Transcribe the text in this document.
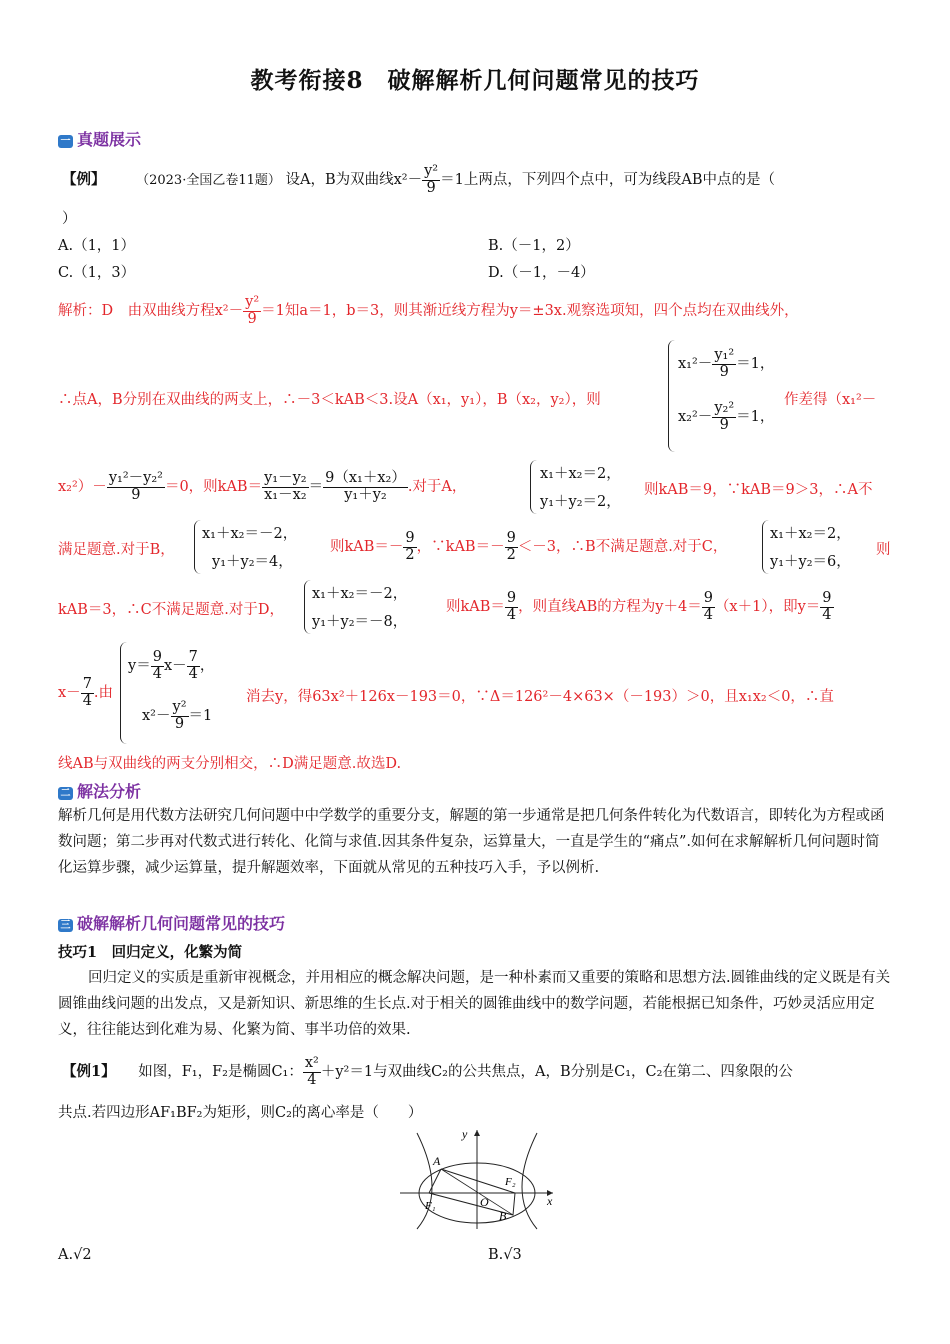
教考衔接8　破解解析几何问题常见的技巧
一 真题展示
【例】 （2023·全国乙卷11题） 设A，B为双曲线$x^2- \frac{\text{y²}}{9} =1$上两点，下列四个点中，可为线段AB中点的是（
）
A.（1，1）	B.（－1，2）
C.（1，3）	D.（－1，－4）
解析：D　由双曲线方程$x^2- \frac{\text{y²}}{9} =1$知a＝1，b＝3，则其渐近线方程为y＝±3x.观察选项知，四个点均在双曲线外，
∴点A，B分别在双曲线的两支上，∴－3＜kAB＜3.设A（x₁，y₁），B（x₂，y₂），则
$x_1^2- \frac{\text{y₁²}}{9} =1$，
$x_2^2- \frac{\text{y₂²}}{9} =1$，
作差得（x₁²－
$x_2^2)- \frac{\text{y₁²－y₂²}}{9} =0$，则$kAB= \frac{\text{y₁－y₂}}{\text{x₁－x₂}} = \frac{\text{9（x₁＋x₂）}}{\text{y₁＋y₂}}$ .对于A，
x₁＋x₂＝2，
y₁＋y₂＝2，
则kAB＝9，∵kAB＝9＞3，∴A不
满足题意.对于B，
x₁＋x₂＝－2，
y₁＋y₂＝4，
则$kAB=- \frac{9}{2}$ ，∵kAB＝－ $\frac{9}{2} <-3$，∴B不满足题意.对于C，
x₁＋x₂＝2，
y₁＋y₂＝6，
则
kAB＝3，∴C不满足题意.对于D，
x₁＋x₂＝－2，
y₁＋y₂＝－8，
则$kAB= \frac{9}{4}$ ，则直线AB的方程为$y+4= \frac{9}{4} (x+1)$，即$y= \frac{9}{4}$
$x- \frac{7}{4}$ .由
$y= \frac{9}{4} x- \frac{7}{4}$ ，
$x^2- \frac{\text{y²}}{9} =1$
消去y，得63x²＋126x－193＝0，∵Δ＝126²－4×63×（－193）＞0，且x₁x₂＜0，∴直
线AB与双曲线的两支分别相交，∴D满足题意.故选D.
二 解法分析
解析几何是用代数方法研究几何问题中中学数学的重要分支，解题的第一步通常是把几何条件转化为代数语言，即转化为方程或函数问题；第二步再对代数式进行转化、化简与求值.因其条件复杂，运算量大，一直是学生的“痛点”.如何在求解解析几何问题时简化运算步骤，减少运算量，提升解题效率，下面就从常见的五种技巧入手，予以例析.
三 破解解析几何问题常见的技巧
技巧1　回归定义，化繁为简
回归定义的实质是重新审视概念，并用相应的概念解决问题，是一种朴素而又重要的策略和思想方法.圆锥曲线的定义既是有关圆锥曲线问题的出发点，又是新知识、新思维的生长点.对于相关的圆锥曲线中的数学问题，若能根据已知条件，巧妙灵活应用定义，往往能达到化难为易、化繁为简、事半功倍的效果.
【例1】 如图，F₁，F₂是椭圆C₁： $\frac{\text{x²}}{4} +y^2=1$与双曲线C₂的公共焦点，A，B分别是C₁，C₂在第二、四象限的公
共点.若四边形AF₁BF₂为矩形，则C₂的离心率是（　　）
y
x
A
B
O
F₁
F₂
A.√2	B.√3
